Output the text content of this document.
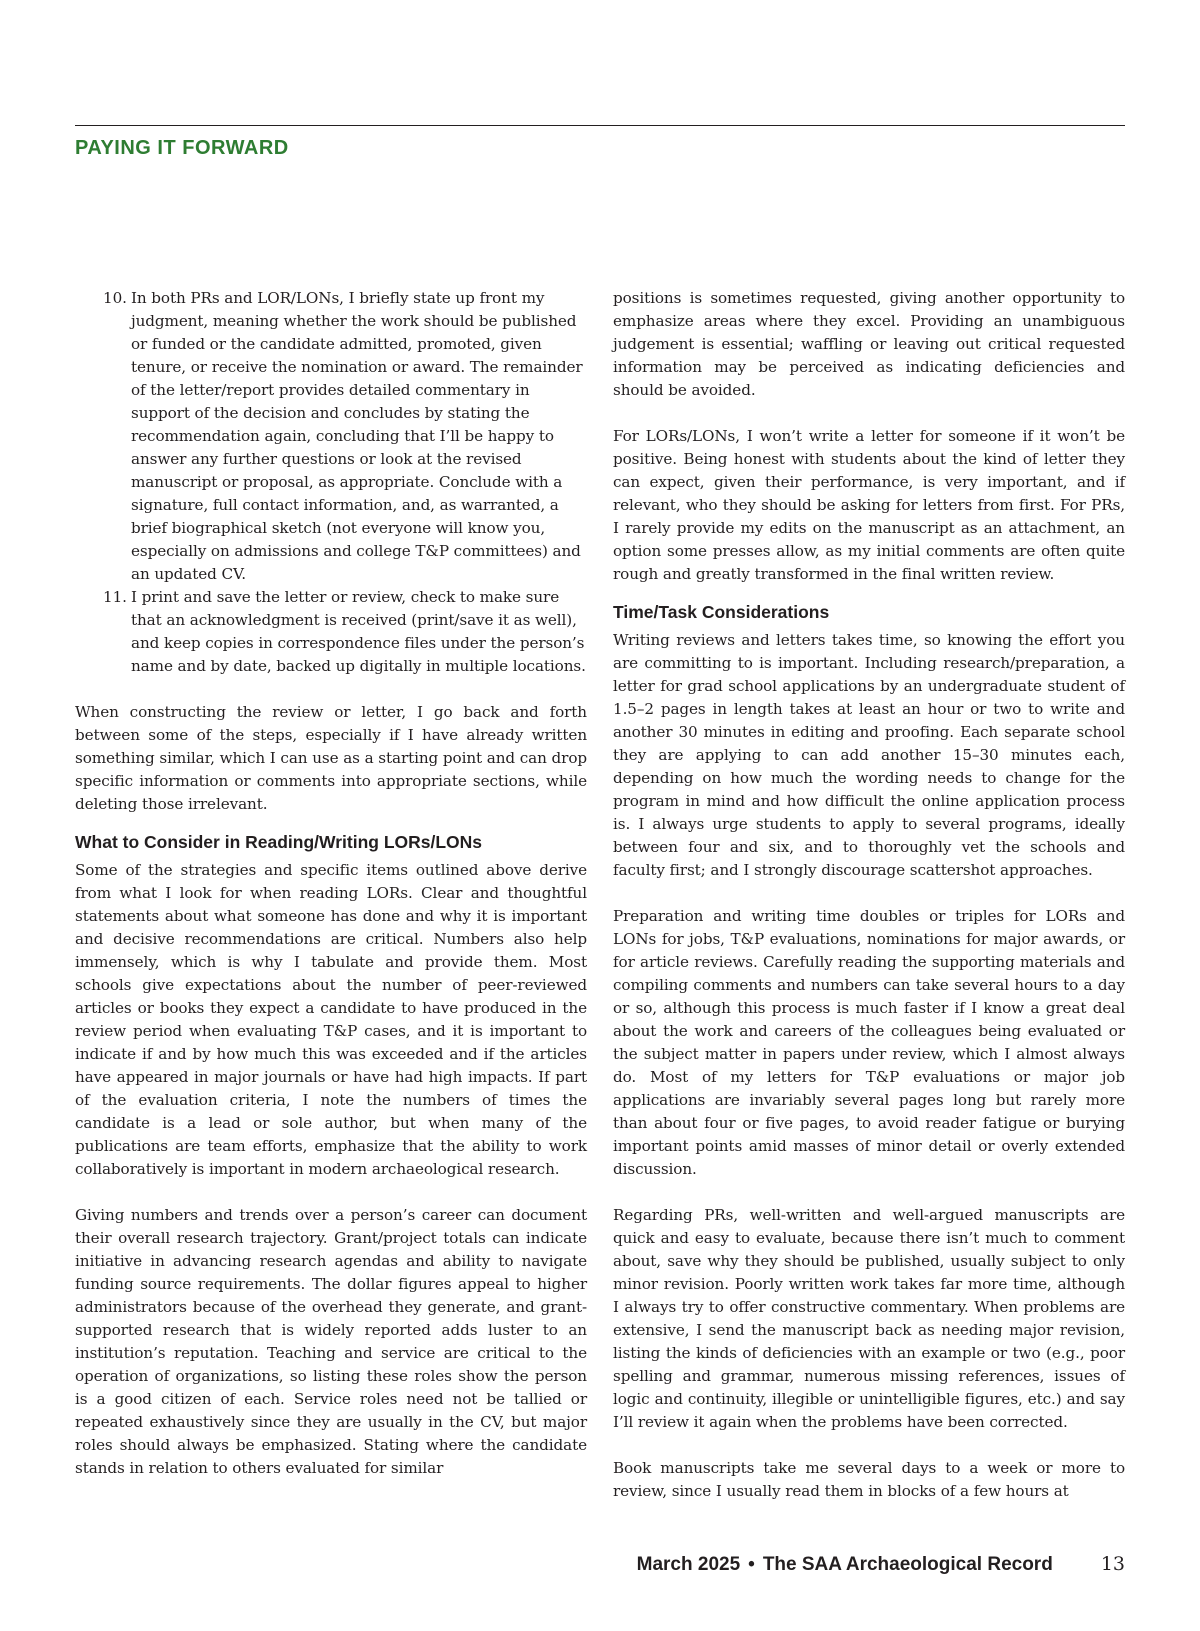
PAYING IT FORWARD
10. In both PRs and LOR/LONs, I briefly state up front my judgment, meaning whether the work should be published or funded or the candidate admitted, promoted, given tenure, or receive the nomination or award. The remainder of the letter/report provides detailed commentary in support of the decision and concludes by stating the recommendation again, concluding that I’ll be happy to answer any further questions or look at the revised manuscript or proposal, as appropriate. Conclude with a signature, full contact information, and, as warranted, a brief biographical sketch (not everyone will know you, especially on admissions and college T&P committees) and an updated CV.

11. I print and save the letter or review, check to make sure that an acknowledgment is received (print/save it as well), and keep copies in correspondence files under the person’s name and by date, backed up digitally in multiple locations.

When constructing the review or letter, I go back and forth between some of the steps, especially if I have already written something similar, which I can use as a starting point and can drop specific information or comments into appropriate sections, while deleting those irrelevant.

What to Consider in Reading/Writing LORs/LONs

Some of the strategies and specific items outlined above derive from what I look for when reading LORs. Clear and thoughtful statements about what someone has done and why it is important and decisive recommendations are critical. Numbers also help immensely, which is why I tabulate and provide them. Most schools give expectations about the number of peer-reviewed articles or books they expect a candidate to have produced in the review period when evaluating T&P cases, and it is important to indicate if and by how much this was exceeded and if the articles have appeared in major journals or have had high impacts. If part of the evaluation criteria, I note the numbers of times the candidate is a lead or sole author, but when many of the publications are team efforts, emphasize that the ability to work collaboratively is important in modern archaeological research.

Giving numbers and trends over a person’s career can document their overall research trajectory. Grant/project totals can indicate initiative in advancing research agendas and ability to navigate funding source requirements. The dollar figures appeal to higher administrators because of the overhead they generate, and grant-supported research that is widely reported adds luster to an institution’s reputation. Teaching and service are critical to the operation of organizations, so listing these roles show the person is a good citizen of each. Service roles need not be tallied or repeated exhaustively since they are usually in the CV, but major roles should always be emphasized. Stating where the candidate stands in relation to others evaluated for similar

positions is sometimes requested, giving another opportunity to emphasize areas where they excel. Providing an unambiguous judgement is essential; waffling or leaving out critical requested information may be perceived as indicating deficiencies and should be avoided.

For LORs/LONs, I won’t write a letter for someone if it won’t be positive. Being honest with students about the kind of letter they can expect, given their performance, is very important, and if relevant, who they should be asking for letters from first. For PRs, I rarely provide my edits on the manuscript as an attachment, an option some presses allow, as my initial comments are often quite rough and greatly transformed in the final written review.

Time/Task Considerations

Writing reviews and letters takes time, so knowing the effort you are committing to is important. Including research/preparation, a letter for grad school applications by an undergraduate student of 1.5–2 pages in length takes at least an hour or two to write and another 30 minutes in editing and proofing. Each separate school they are applying to can add another 15–30 minutes each, depending on how much the wording needs to change for the program in mind and how difficult the online application process is. I always urge students to apply to several programs, ideally between four and six, and to thoroughly vet the schools and faculty first; and I strongly discourage scattershot approaches.

Preparation and writing time doubles or triples for LORs and LONs for jobs, T&P evaluations, nominations for major awards, or for article reviews. Carefully reading the supporting materials and compiling comments and numbers can take several hours to a day or so, although this process is much faster if I know a great deal about the work and careers of the colleagues being evaluated or the subject matter in papers under review, which I almost always do. Most of my letters for T&P evaluations or major job applications are invariably several pages long but rarely more than about four or five pages, to avoid reader fatigue or burying important points amid masses of minor detail or overly extended discussion.

Regarding PRs, well-written and well-argued manuscripts are quick and easy to evaluate, because there isn’t much to comment about, save why they should be published, usually subject to only minor revision. Poorly written work takes far more time, although I always try to offer constructive commentary. When problems are extensive, I send the manuscript back as needing major revision, listing the kinds of deficiencies with an example or two (e.g., poor spelling and grammar, numerous missing references, issues of logic and continuity, illegible or unintelligible figures, etc.) and say I’ll review it again when the problems have been corrected.

Book manuscripts take me several days to a week or more to review, since I usually read them in blocks of a few hours at

March 2025 • The SAA Archaeological Record	13
